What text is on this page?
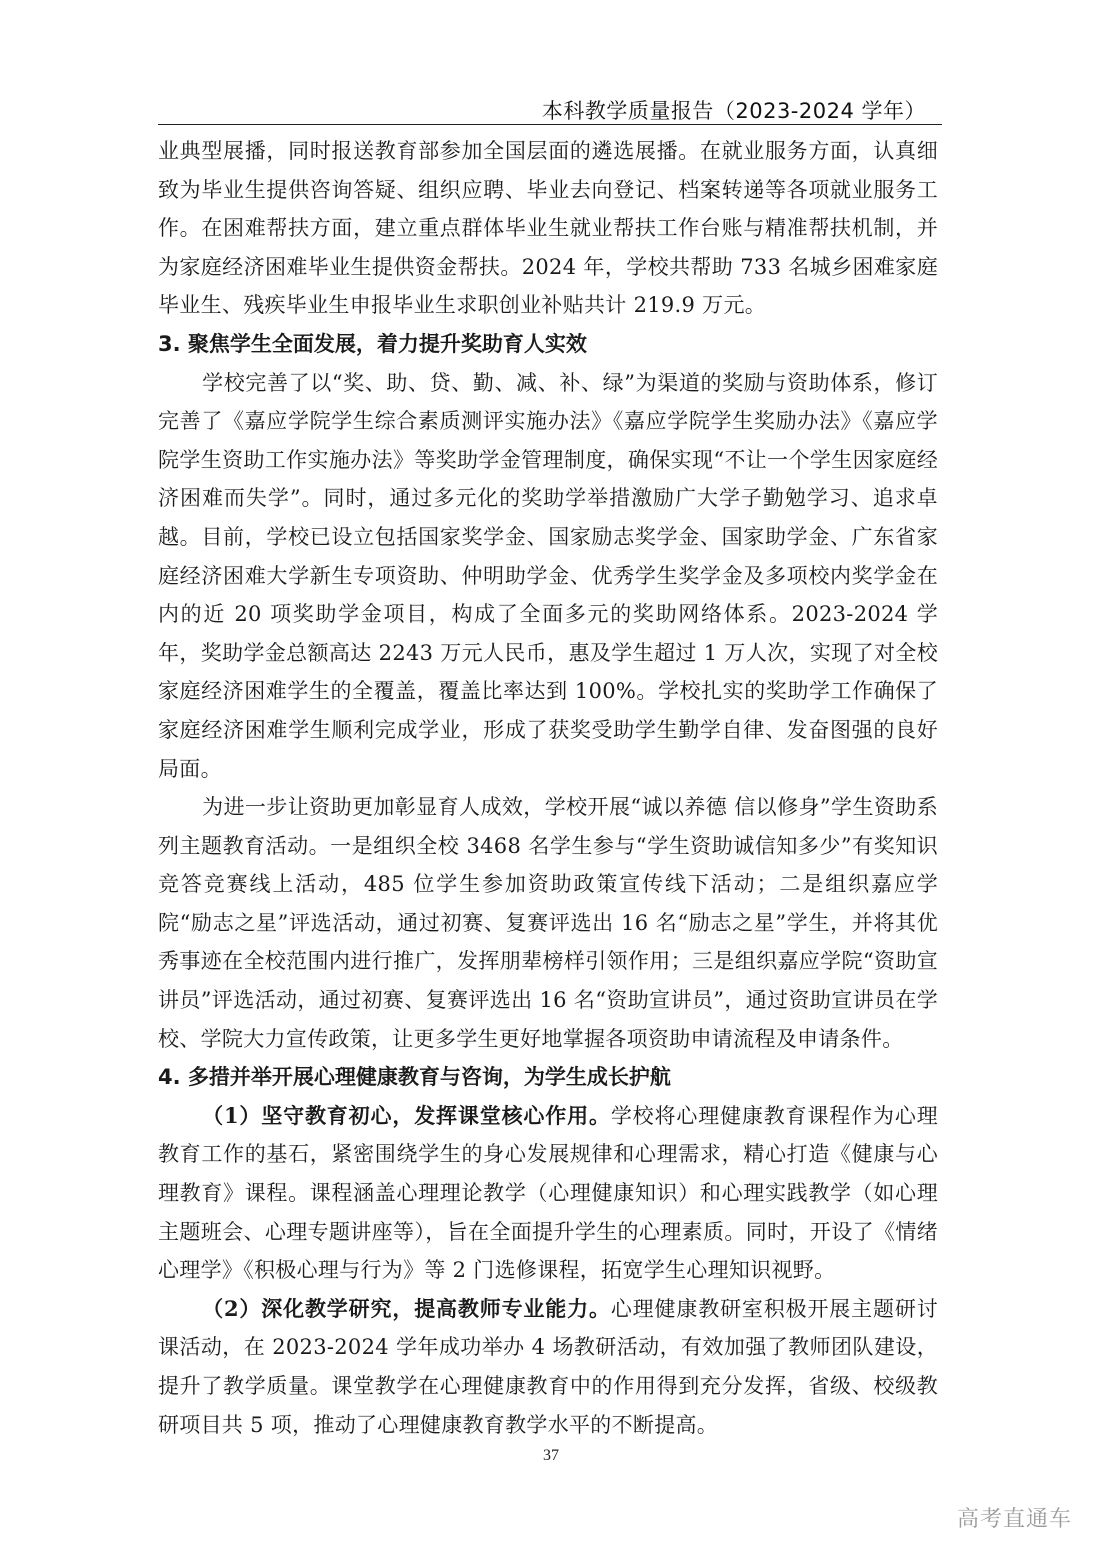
本科教学质量报告（2023-2024 学年）

业典型展播，同时报送教育部参加全国层面的遴选展播。在就业服务方面，认真细致为毕业生提供咨询答疑、组织应聘、毕业去向登记、档案转递等各项就业服务工作。在困难帮扶方面，建立重点群体毕业生就业帮扶工作台账与精准帮扶机制，并为家庭经济困难毕业生提供资金帮扶。2024 年，学校共帮助 733 名城乡困难家庭毕业生、残疾毕业生申报毕业生求职创业补贴共计 219.9 万元。

3. 聚焦学生全面发展，着力提升奖助育人实效

学校完善了以“奖、助、贷、勤、减、补、绿”为渠道的奖励与资助体系，修订完善了《嘉应学院学生综合素质测评实施办法》《嘉应学院学生奖励办法》《嘉应学院学生资助工作实施办法》等奖助学金管理制度，确保实现“不让一个学生因家庭经济困难而失学”。同时，通过多元化的奖助学举措激励广大学子勤勉学习、追求卓越。目前，学校已设立包括国家奖学金、国家励志奖学金、国家助学金、广东省家庭经济困难大学新生专项资助、仲明助学金、优秀学生奖学金及多项校内奖学金在内的近 20 项奖助学金项目，构成了全面多元的奖助网络体系。2023-2024 学年，奖助学金总额高达 2243 万元人民币，惠及学生超过 1 万人次，实现了对全校家庭经济困难学生的全覆盖，覆盖比率达到 100%。学校扎实的奖助学工作确保了家庭经济困难学生顺利完成学业，形成了获奖受助学生勤学自律、发奋图强的良好局面。

为进一步让资助更加彰显育人成效，学校开展“诚以养德 信以修身”学生资助系列主题教育活动。一是组织全校 3468 名学生参与“学生资助诚信知多少”有奖知识竞答竞赛线上活动，485 位学生参加资助政策宣传线下活动；二是组织嘉应学院“励志之星”评选活动，通过初赛、复赛评选出 16 名“励志之星”学生，并将其优秀事迹在全校范围内进行推广，发挥朋辈榜样引领作用；三是组织嘉应学院“资助宣讲员”评选活动，通过初赛、复赛评选出 16 名“资助宣讲员”，通过资助宣讲员在学校、学院大力宣传政策，让更多学生更好地掌握各项资助申请流程及申请条件。

4. 多措并举开展心理健康教育与咨询，为学生成长护航

（1）坚守教育初心，发挥课堂核心作用。学校将心理健康教育课程作为心理教育工作的基石，紧密围绕学生的身心发展规律和心理需求，精心打造《健康与心理教育》课程。课程涵盖心理理论教学（心理健康知识）和心理实践教学（如心理主题班会、心理专题讲座等），旨在全面提升学生的心理素质。同时，开设了《情绪心理学》《积极心理与行为》等 2 门选修课程，拓宽学生心理知识视野。

（2）深化教学研究，提高教师专业能力。心理健康教研室积极开展主题研讨课活动，在 2023-2024 学年成功举办 4 场教研活动，有效加强了教师团队建设，提升了教学质量。课堂教学在心理健康教育中的作用得到充分发挥，省级、校级教研项目共 5 项，推动了心理健康教育教学水平的不断提高。

37
高考直通车
